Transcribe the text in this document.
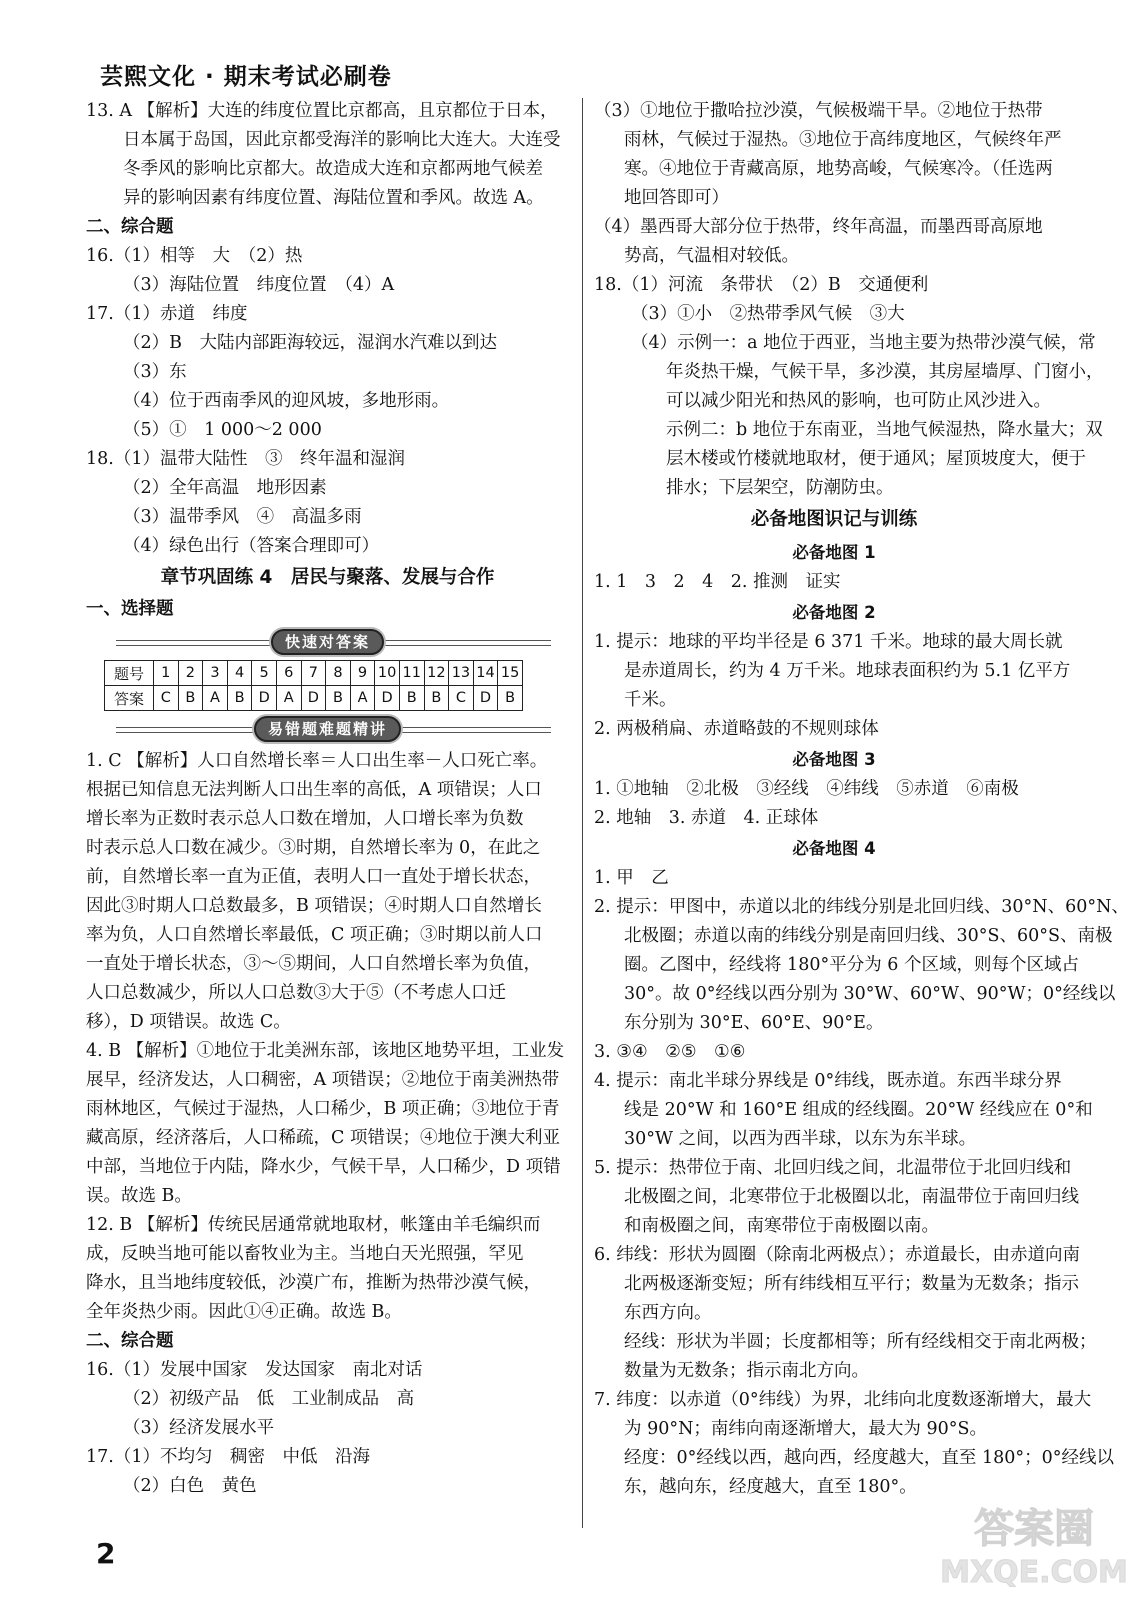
芸熙文化 · 期末考试必刷卷
13. A 【解析】大连的纬度位置比京都高，且京都位于日本，
日本属于岛国，因此京都受海洋的影响比大连大。大连受
冬季风的影响比京都大。故造成大连和京都两地气候差
异的影响因素有纬度位置、海陆位置和季风。故选 A。
二、综合题
16.（1）相等　大　（2）热
（3）海陆位置　纬度位置　（4）A
17.（1）赤道　纬度
（2）B　大陆内部距海较远，湿润水汽难以到达
（3）东
（4）位于西南季风的迎风坡，多地形雨。
（5）①　1 000～2 000
18.（1）温带大陆性　③　终年温和湿润
（2）全年高温　地形因素
（3）温带季风　④　高温多雨
（4）绿色出行（答案合理即可）
章节巩固练 4　居民与聚落、发展与合作
一、选择题
快速对答案
题号	1	2	3	4	5	6	7	8	9	10	11	12	13	14	15
答案	C	B	A	B	D	A	D	B	A	D	B	B	C	D	B
易错题难题精讲
1. C 【解析】人口自然增长率＝人口出生率－人口死亡率。
根据已知信息无法判断人口出生率的高低，A 项错误；人口
增长率为正数时表示总人口数在增加，人口增长率为负数
时表示总人口数在减少。③时期，自然增长率为 0，在此之
前，自然增长率一直为正值，表明人口一直处于增长状态，
因此③时期人口总数最多，B 项错误；④时期人口自然增长
率为负，人口自然增长率最低，C 项正确；③时期以前人口
一直处于增长状态，③～⑤期间，人口自然增长率为负值，
人口总数减少，所以人口总数③大于⑤（不考虑人口迁
移），D 项错误。故选 C。
4. B 【解析】①地位于北美洲东部，该地区地势平坦，工业发
展早，经济发达，人口稠密，A 项错误；②地位于南美洲热带
雨林地区，气候过于湿热，人口稀少，B 项正确；③地位于青
藏高原，经济落后，人口稀疏，C 项错误；④地位于澳大利亚
中部，当地位于内陆，降水少，气候干旱，人口稀少，D 项错
误。故选 B。
12. B 【解析】传统民居通常就地取材，帐篷由羊毛编织而
成，反映当地可能以畜牧业为主。当地白天光照强，罕见
降水，且当地纬度较低，沙漠广布，推断为热带沙漠气候，
全年炎热少雨。因此①④正确。故选 B。
二、综合题
16.（1）发展中国家　发达国家　南北对话
（2）初级产品　低　工业制成品　高
（3）经济发展水平
17.（1）不均匀　稠密　中低　沿海
（2）白色　黄色
（3）①地位于撒哈拉沙漠，气候极端干旱。②地位于热带
雨林，气候过于湿热。③地位于高纬度地区，气候终年严
寒。④地位于青藏高原，地势高峻，气候寒冷。（任选两
地回答即可）
（4）墨西哥大部分位于热带，终年高温，而墨西哥高原地
势高，气温相对较低。
18.（1）河流　条带状　（2）B　交通便利
（3）①小　②热带季风气候　③大
（4）示例一：a 地位于西亚，当地主要为热带沙漠气候，常
年炎热干燥，气候干旱，多沙漠，其房屋墙厚、门窗小，
可以减少阳光和热风的影响，也可防止风沙进入。
示例二：b 地位于东南亚，当地气候湿热，降水量大；双
层木楼或竹楼就地取材，便于通风；屋顶坡度大，便于
排水；下层架空，防潮防虫。
必备地图识记与训练
必备地图 1
1. 1　3　2　4　2. 推测　证实
必备地图 2
1. 提示：地球的平均半径是 6 371 千米。地球的最大周长就
是赤道周长，约为 4 万千米。地球表面积约为 5.1 亿平方
千米。
2. 两极稍扁、赤道略鼓的不规则球体
必备地图 3
1. ①地轴　②北极　③经线　④纬线　⑤赤道　⑥南极
2. 地轴　3. 赤道　4. 正球体
必备地图 4
1. 甲　乙
2. 提示：甲图中，赤道以北的纬线分别是北回归线、30°N、60°N、
北极圈；赤道以南的纬线分别是南回归线、30°S、60°S、南极
圈。乙图中，经线将 180°平分为 6 个区域，则每个区域占
30°。故 0°经线以西分别为 30°W、60°W、90°W；0°经线以
东分别为 30°E、60°E、90°E。
3. ③④　②⑤　①⑥
4. 提示：南北半球分界线是 0°纬线，既赤道。东西半球分界
线是 20°W 和 160°E 组成的经线圈。20°W 经线应在 0°和
30°W 之间，以西为西半球，以东为东半球。
5. 提示：热带位于南、北回归线之间，北温带位于北回归线和
北极圈之间，北寒带位于北极圈以北，南温带位于南回归线
和南极圈之间，南寒带位于南极圈以南。
6. 纬线：形状为圆圈（除南北两极点）；赤道最长，由赤道向南
北两极逐渐变短；所有纬线相互平行；数量为无数条；指示
东西方向。
经线：形状为半圆；长度都相等；所有经线相交于南北两极；
数量为无数条；指示南北方向。
7. 纬度：以赤道（0°纬线）为界，北纬向北度数逐渐增大，最大
为 90°N；南纬向南逐渐增大，最大为 90°S。
经度：0°经线以西，越向西，经度越大，直至 180°；0°经线以
东，越向东，经度越大，直至 180°。
2
答案圈
MXQE.COM
